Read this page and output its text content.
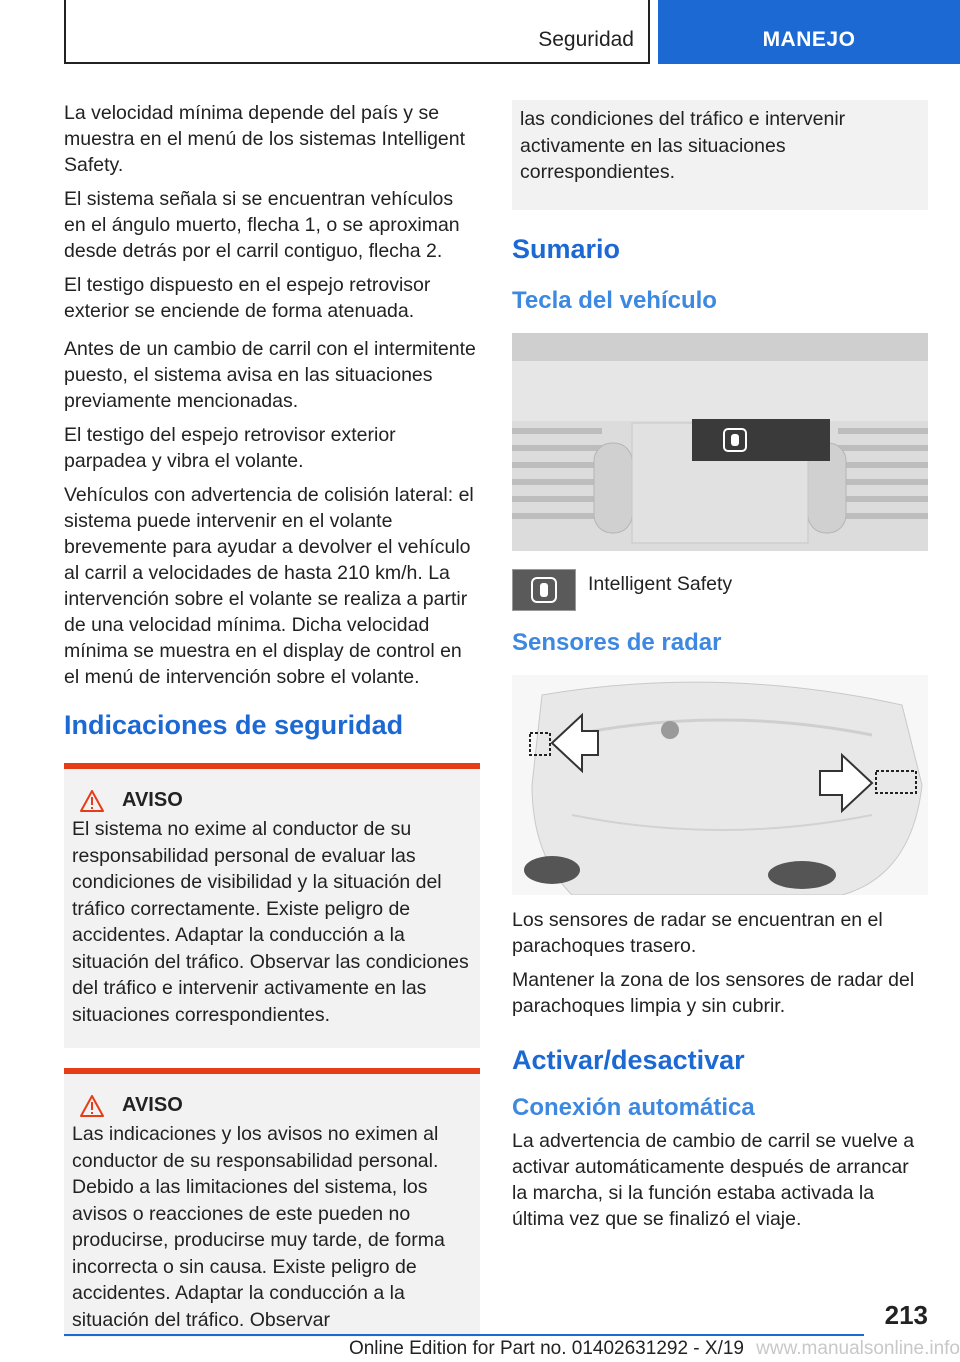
Seguridad	MANEJO

La velocidad mínima depende del país y se muestra en el menú de los sistemas Intelligent Safety.

El sistema señala si se encuentran vehículos en el ángulo muerto, flecha 1, o se aproximan desde detrás por el carril contiguo, flecha 2.

El testigo dispuesto en el espejo retrovisor exterior se enciende de forma atenuada.

Antes de un cambio de carril con el intermitente puesto, el sistema avisa en las situaciones previamente mencionadas.

El testigo del espejo retrovisor exterior parpadea y vibra el volante.

Vehículos con advertencia de colisión lateral: el sistema puede intervenir en el volante brevemente para ayudar a devolver el vehículo al carril a velocidades de hasta 210 km/h. La intervención sobre el volante se realiza a partir de una velocidad mínima. Dicha velocidad mínima se muestra en el display de control en el menú de intervención sobre el volante.

Indicaciones de seguridad
AVISO

El sistema no exime al conductor de su responsabilidad personal de evaluar las condiciones de visibilidad y la situación del tráfico correctamente. Existe peligro de accidentes. Adaptar la conducción a la situación del tráfico. Observar las condiciones del tráfico e intervenir activamente en las situaciones correspondientes.

AVISO

Las indicaciones y los avisos no eximen al conductor de su responsabilidad personal. Debido a las limitaciones del sistema, los avisos o reacciones de este pueden no producirse, producirse muy tarde, de forma incorrecta o sin causa. Existe peligro de accidentes. Adaptar la conducción a la situación del tráfico. Observar

las condiciones del tráfico e intervenir activamente en las situaciones correspondientes.

Sumario
Tecla del vehículo
Intelligent Safety
Sensores de radar

Los sensores de radar se encuentran en el parachoques trasero.

Mantener la zona de los sensores de radar del parachoques limpia y sin cubrir.

Activar/desactivar
Conexión automática

La advertencia de cambio de carril se vuelve a activar automáticamente después de arrancar la marcha, si la función estaba activada la última vez que se finalizó el viaje.

213
Online Edition for Part no. 01402631292 - X/19 www.manualsonline.info
